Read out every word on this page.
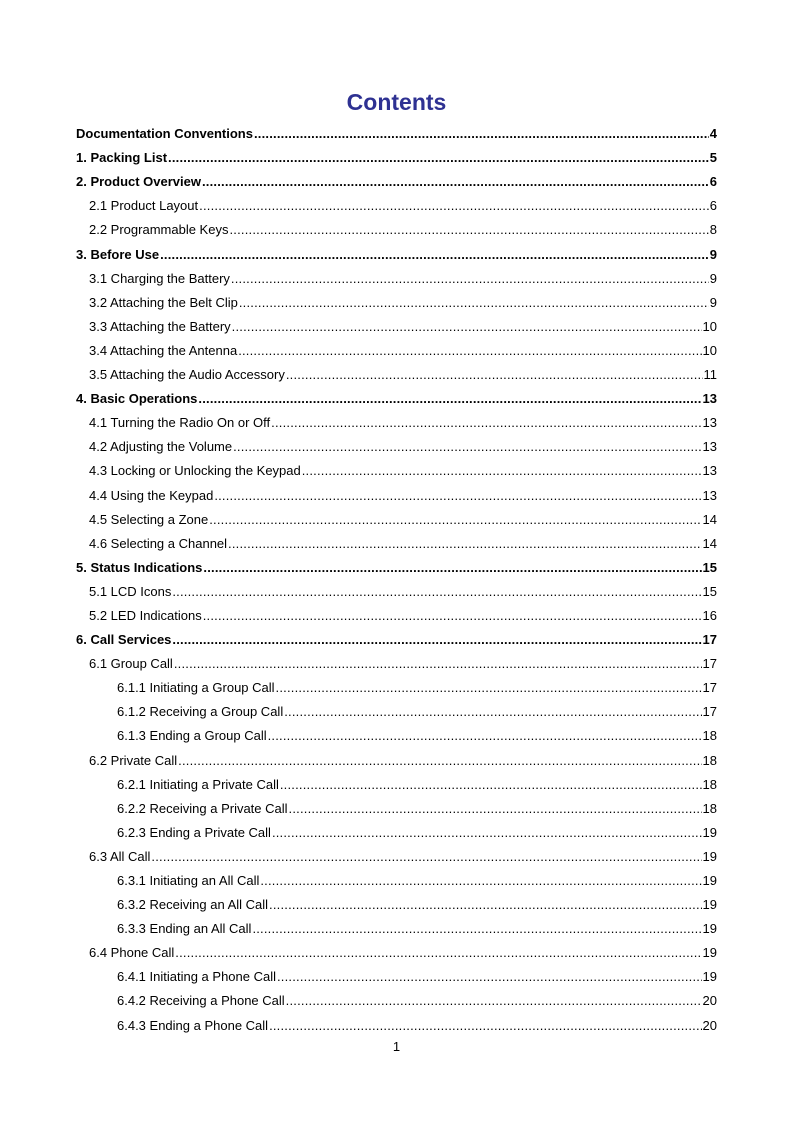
Contents
Documentation Conventions .....	4
1. Packing List .....	5
2. Product Overview .....	6
2.1 Product Layout .....	6
2.2 Programmable Keys .....	8
3. Before Use .....	9
3.1 Charging the Battery .....	9
3.2 Attaching the Belt Clip .....	9
3.3 Attaching the Battery .....	10
3.4 Attaching the Antenna .....	10
3.5 Attaching the Audio Accessory .....	11
4. Basic Operations .....	13
4.1 Turning the Radio On or Off .....	13
4.2 Adjusting the Volume .....	13
4.3 Locking or Unlocking the Keypad .....	13
4.4 Using the Keypad .....	13
4.5 Selecting a Zone .....	14
4.6 Selecting a Channel .....	14
5. Status Indications .....	15
5.1 LCD Icons .....	15
5.2 LED Indications .....	16
6. Call Services .....	17
6.1 Group Call .....	17
6.1.1 Initiating a Group Call .....	17
6.1.2 Receiving a Group Call .....	17
6.1.3 Ending a Group Call .....	18
6.2 Private Call .....	18
6.2.1 Initiating a Private Call .....	18
6.2.2 Receiving a Private Call .....	18
6.2.3 Ending a Private Call .....	19
6.3 All Call .....	19
6.3.1 Initiating an All Call .....	19
6.3.2 Receiving an All Call .....	19
6.3.3 Ending an All Call .....	19
6.4 Phone Call .....	19
6.4.1 Initiating a Phone Call .....	19
6.4.2 Receiving a Phone Call .....	20
6.4.3 Ending a Phone Call .....	20
1
